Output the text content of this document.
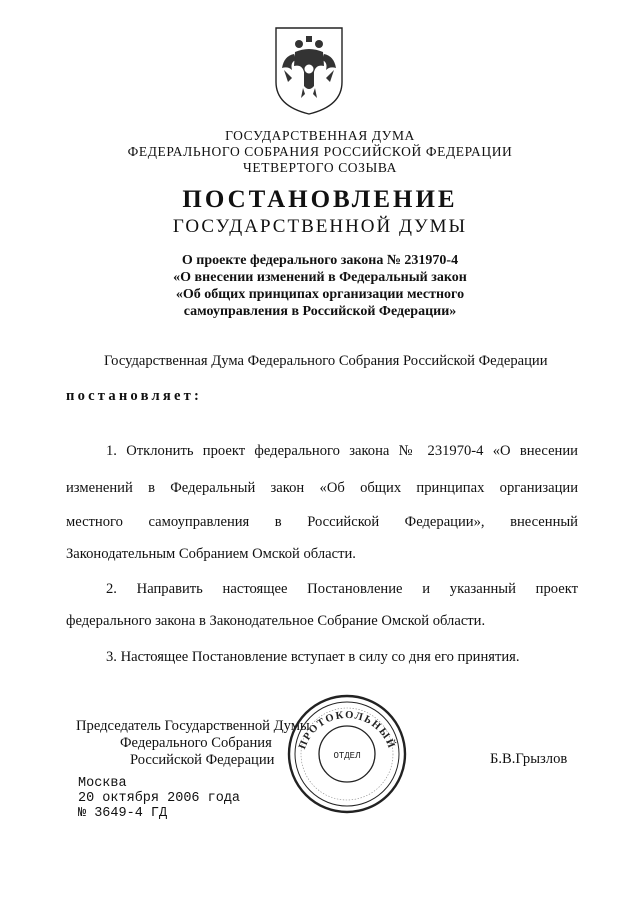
ГОСУДАРСТВЕННАЯ ДУМА
ФЕДЕРАЛЬНОГО СОБРАНИЯ РОССИЙСКОЙ ФЕДЕРАЦИИ
ЧЕТВЕРТОГО СОЗЫВА
ПОСТАНОВЛЕНИЕ
ГОСУДАРСТВЕННОЙ ДУМЫ
О проекте федерального закона № 231970-4
«О внесении изменений в Федеральный закон
«Об общих принципах организации местного
самоуправления в Российской Федерации»
Государственная Дума Федерального Собрания Российской Федерации
постановляет:
1. Отклонить проект федерального закона № 231970-4 «О внесении
изменений в Федеральный закон «Об общих принципах организации
местного самоуправления в Российской Федерации», внесенный
Законодательным Собранием Омской области.
2. Направить настоящее Постановление и указанный проект
федерального закона в Законодательное Собрание Омской области.
3. Настоящее Постановление вступает в силу со дня его принятия.
Председатель Государственной Думы
Федерального Собрания
Российской Федерации	Б.В.Грызлов
ПРОТОКОЛЬНЫЙ
ОТДЕЛ
Москва
20 октября 2006 года
№ 3649-4 ГД
